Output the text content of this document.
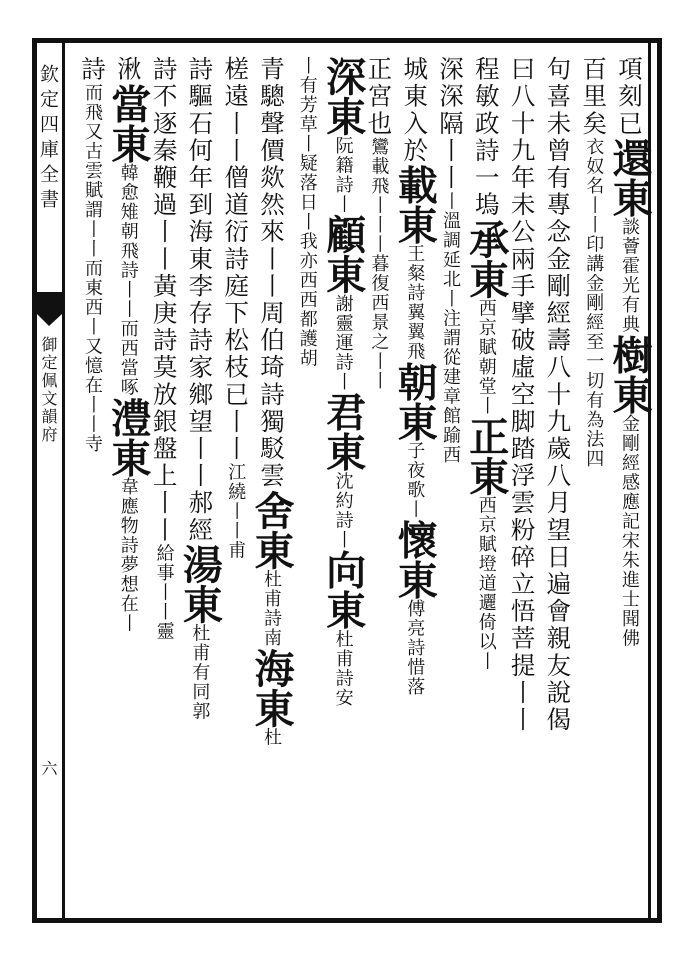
欽定四庫全書
御定佩文韻府
六
項刻已還東談薈霍光有典樹東金剛經感應記宋朱進士聞佛
百里矣衣奴名丨丨印講金剛經至一切有為法四
句喜未曾有專念金剛經壽八十九歲八月望日遍會親友說偈
曰八十九年未公兩手擘破虛空脚踏浮雲粉碎立悟菩提丨丨
程敏政詩一塢承東西京賦朝堂丨正東西京賦墱道邐倚以丨
深深隔丨丨丨溫調延北丨注謂從建章館踰西
城東入於載東王粲詩翼翼飛朝東子夜歌丨懷東傅亮詩惜落
正宮也鸞載飛丨丨丨暮復西景之丨丨
深東阮籍詩丨顧東謝靈運詩丨君東沈約詩丨向東杜甫詩安
丨有芳草丨疑落日丨我亦西西都護胡
青驄聲價欻然來丨丨周伯琦詩獨駁雲舍東杜甫詩南海東杜
槎遠丨丨僧道衍詩庭下松枝已丨丨江繞丨丨甫
詩驅石何年到海東李存詩家鄉望丨丨郝經湯東杜甫有同郭
詩不逐秦鞭過丨丨黃庚詩莫放銀盤上丨丨給事丨丨靈
湫當東韓愈雉朝飛詩丨丨而西當啄澧東韋應物詩夢想在丨
詩而飛又古雲賦謂丨丨而東西丨又憶在丨丨寺
